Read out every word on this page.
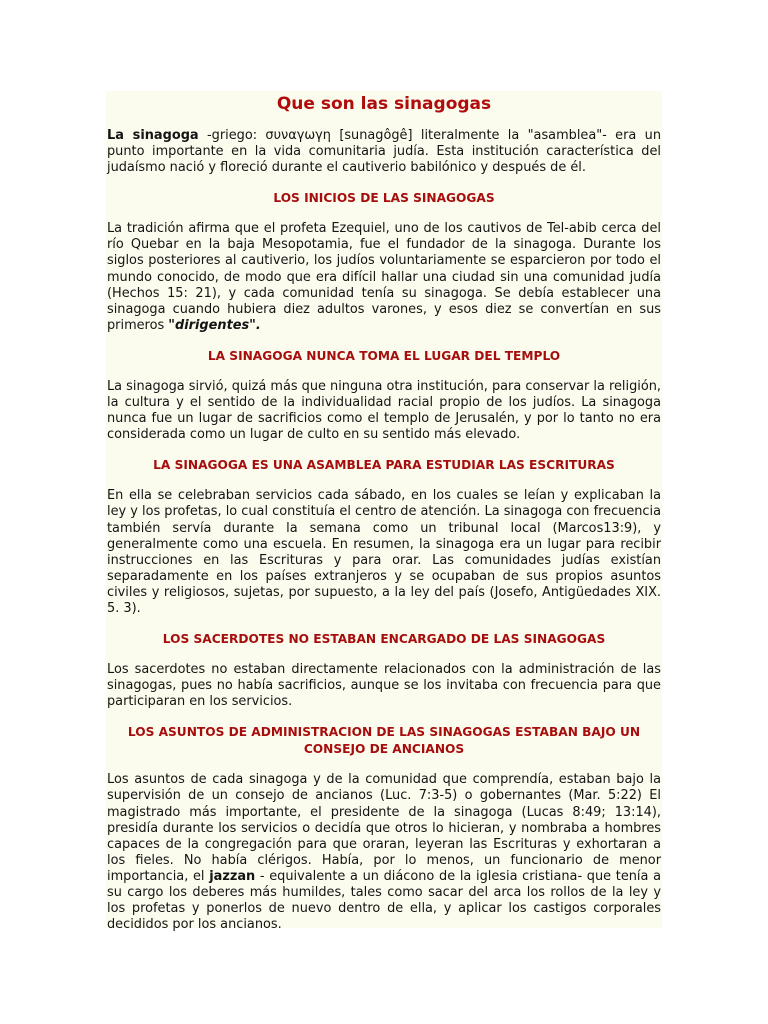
Que son las sinagogas

La sinagoga -griego: συναγωγη [sunagôgê] literalmente la "asamblea"- era un punto importante en la vida comunitaria judía. Esta institución característica del judaísmo nació y floreció durante el cautiverio babilónico y después de él.

LOS INICIOS DE LAS SINAGOGAS

La tradición afirma que el profeta Ezequiel, uno de los cautivos de Tel-abib cerca del río Quebar en la baja Mesopotamia, fue el fundador de la sinagoga. Durante los siglos posteriores al cautiverio, los judíos voluntariamente se esparcieron por todo el mundo conocido, de modo que era difícil hallar una ciudad sin una comunidad judía (Hechos 15: 21), y cada comunidad tenía su sinagoga. Se debía establecer una sinagoga cuando hubiera diez adultos varones, y esos diez se convertían en sus primeros "dirigentes".

LA SINAGOGA NUNCA TOMA EL LUGAR DEL TEMPLO

La sinagoga sirvió, quizá más que ninguna otra institución, para conservar la religión, la cultura y el sentido de la individualidad racial propio de los judíos. La sinagoga nunca fue un lugar de sacrificios como el templo de Jerusalén, y por lo tanto no era considerada como un lugar de culto en su sentido más elevado.

LA SINAGOGA ES UNA ASAMBLEA PARA ESTUDIAR LAS ESCRITURAS

En ella se celebraban servicios cada sábado, en los cuales se leían y explicaban la ley y los profetas, lo cual constituía el centro de atención. La sinagoga con frecuencia también servía durante la semana como un tribunal local (Marcos13:9), y generalmente como una escuela. En resumen, la sinagoga era un lugar para recibir instrucciones en las Escrituras y para orar. Las comunidades judías existían separadamente en los países extranjeros y se ocupaban de sus propios asuntos civiles y religiosos, sujetas, por supuesto, a la ley del país (Josefo, Antigüedades XIX. 5. 3).

LOS SACERDOTES NO ESTABAN ENCARGADO DE LAS SINAGOGAS

Los sacerdotes no estaban directamente relacionados con la administración de las sinagogas, pues no había sacrificios, aunque se los invitaba con frecuencia para que participaran en los servicios.

LOS ASUNTOS DE ADMINISTRACION DE LAS SINAGOGAS ESTABAN BAJO UN CONSEJO DE ANCIANOS

Los asuntos de cada sinagoga y de la comunidad que comprendía, estaban bajo la supervisión de un consejo de ancianos (Luc. 7:3-5) o gobernantes (Mar. 5:22) El magistrado más importante, el presidente de la sinagoga (Lucas 8:49; 13:14), presidía durante los servicios o decidía que otros lo hicieran, y nombraba a hombres capaces de la congregación para que oraran, leyeran las Escrituras y exhortaran a los fieles. No había clérigos. Había, por lo menos, un funcionario de menor importancia, el jazzan - equivalente a un diácono de la iglesia cristiana- que tenía a su cargo los deberes más humildes, tales como sacar del arca los rollos de la ley y los profetas y ponerlos de nuevo dentro de ella, y aplicar los castigos corporales decididos por los ancianos.
